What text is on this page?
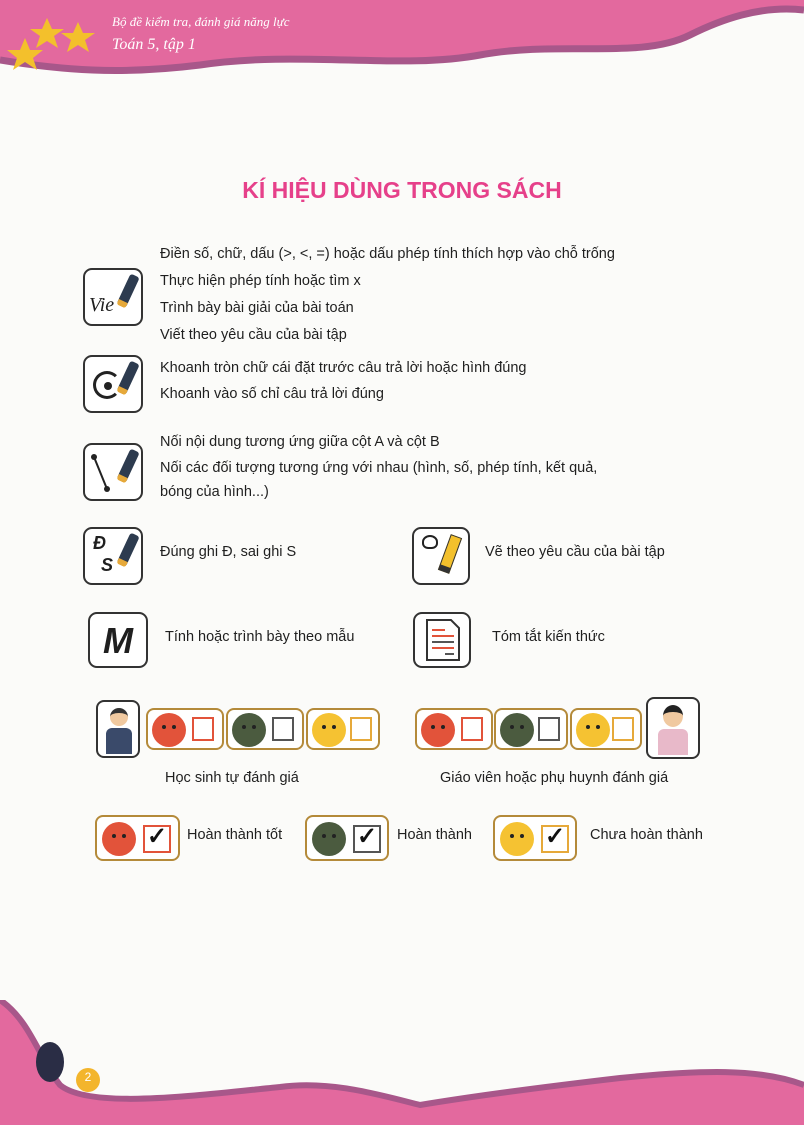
Bộ đề kiểm tra, đánh giá năng lực
Toán 5, tập 1
KÍ HIỆU DÙNG TRONG SÁCH
Vie
Điền số, chữ, dấu (>, <, =) hoặc dấu phép tính thích hợp vào chỗ trống
Thực hiện phép tính hoặc tìm x
Trình bày bài giải của bài toán
Viết theo yêu cầu của bài tập
Khoanh tròn chữ cái đặt trước câu trả lời hoặc hình đúng
Khoanh vào số chỉ câu trả lời đúng
Nối nội dung tương ứng giữa cột A và cột B
Nối các đối tượng tương ứng với nhau (hình, số, phép tính, kết quả,
bóng của hình...)
Đ
S
Đúng ghi Đ, sai ghi S	Vẽ theo yêu cầu của bài tập
M	Tính hoặc trình bày theo mẫu	Tóm tắt kiến thức
Học sinh tự đánh giá	Giáo viên hoặc phụ huynh đánh giá
✓ Hoàn thành tốt	✓ Hoàn thành	✓ Chưa hoàn thành
2
